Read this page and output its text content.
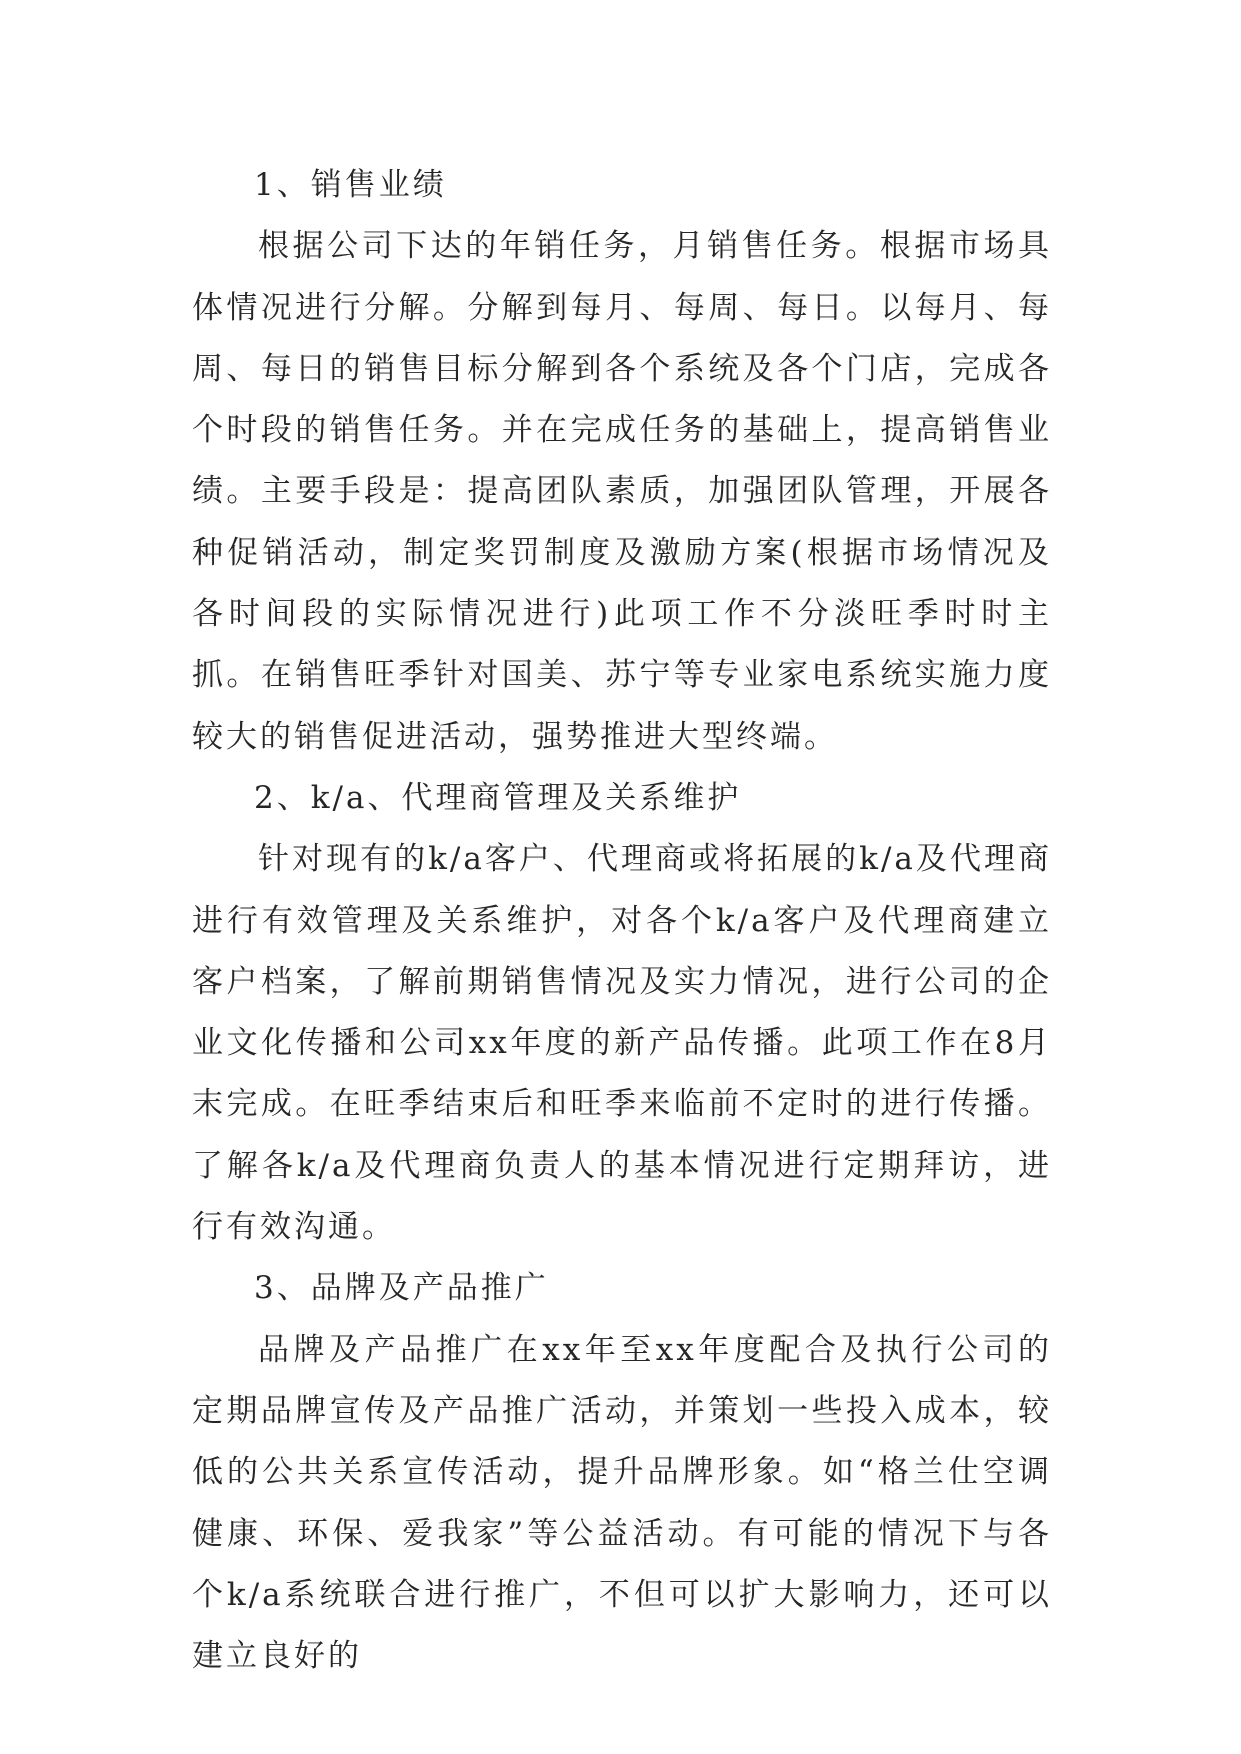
1、销售业绩

根据公司下达的年销任务，月销售任务。根据市场具体情况进行分解。分解到每月、每周、每日。以每月、每周、每日的销售目标分解到各个系统及各个门店，完成各个时段的销售任务。并在完成任务的基础上，提高销售业绩。主要手段是：提高团队素质，加强团队管理，开展各种促销活动，制定奖罚制度及激励方案(根据市场情况及各时间段的实际情况进行)此项工作不分淡旺季时时主抓。在销售旺季针对国美、苏宁等专业家电系统实施力度较大的销售促进活动，强势推进大型终端。

2、k/a、代理商管理及关系维护

针对现有的k/a客户、代理商或将拓展的k/a及代理商进行有效管理及关系维护，对各个k/a客户及代理商建立客户档案，了解前期销售情况及实力情况，进行公司的企业文化传播和公司xx年度的新产品传播。此项工作在8月末完成。在旺季结束后和旺季来临前不定时的进行传播。了解各k/a及代理商负责人的基本情况进行定期拜访，进行有效沟通。

3、品牌及产品推广

品牌及产品推广在xx年至xx年度配合及执行公司的定期品牌宣传及产品推广活动，并策划一些投入成本，较低的公共关系宣传活动，提升品牌形象。如“格兰仕空调健康、环保、爱我家”等公益活动。有可能的情况下与各个k/a系统联合进行推广，不但可以扩大影响力，还可以建立良好的
